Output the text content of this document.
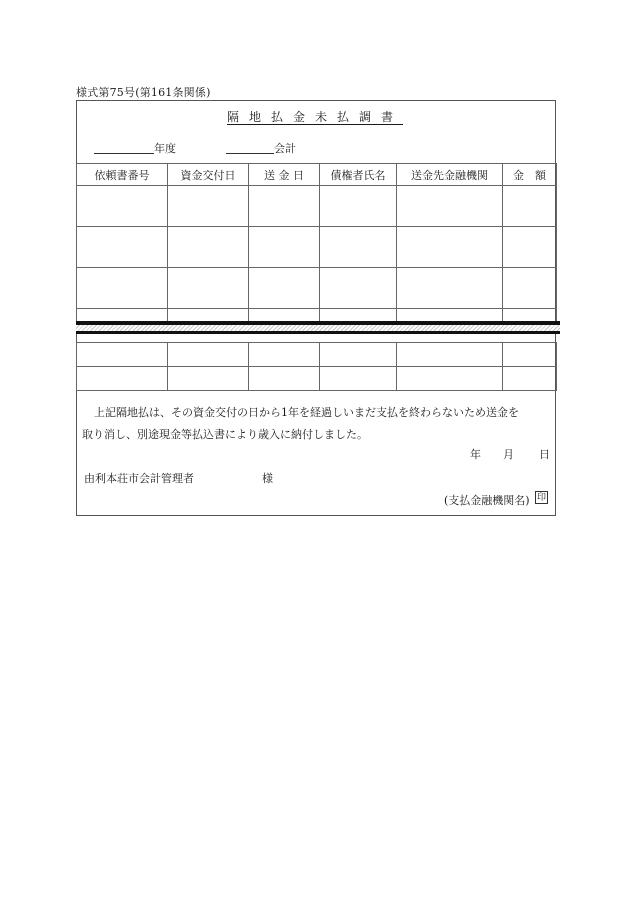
様式第75号(第161条関係)
隔地払金未払調書
年度	会計
依頼書番号	資金交付日	送 金 日	債権者氏名	送金先金融機関	金　額

上記隔地払は、その資金交付の日から1年を経過しいまだ支払を終わらないため送金を

取り消し、別途現金等払込書により歳入に納付しました。
年 月 日
由利本荘市会計管理者	様
(支払金融機関名) 印
